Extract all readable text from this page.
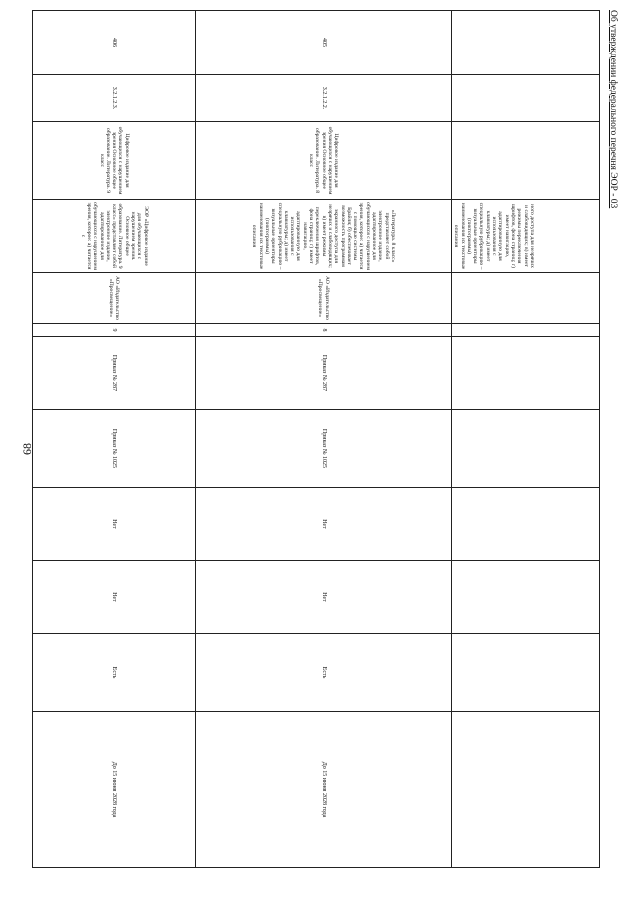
68
			ного доступа для незрячих и слабовидящих; в) имеет режимы переключения шрифтов, фона страниц; г) имеет навигацию, адаптированную для использования с клавиатуры; д) имеет специальную рубрикацию – визуальные ориентиры (пиктограммы) наименования их текстовые описания								
405	3.2.1.2.2.	Цифровое издание для обучающихся с нарушением зрения Основное общее образование. Литература. 8 класс	«Литература. 8 класс» представляет собой электронное издание, адаптированное для обучающихся с нарушением зрения, которое: а) читается с помощью системы Брайля; б) обеспечивает возможность программам экранного доступа для незрячих и слабовидящих; в) имеет режимы переключения шрифтов, фона страниц; г) имеет навигацию, адаптированную для использования с клавиатуры; д) имеет специальную рубрикацию – визуальные ориентиры (пиктограммы) наименования их текстовые описания	АО «Издательство «Просвещение»	8	Приказ № 287	Приказ № 1025	Нет	Нет	Есть	До 15 июня 2028 года
406	3.2.1.2.3.	Цифровое издание для обучающихся с нарушением зрения Основное общее образование. Литература. 9 класс	ЭОР «Цифровое издание для обучающихся с нарушением зрения. Основное общее образование. Литература. 9 класс» представляет собой электронное издание, адаптированное для обучающихся с нарушением зрения, которое: а) читается с	АО «Издательство «Просвещение»	9	Приказ № 287	Приказ № 1025	Нет	Нет	Есть	До 15 июня 2028 года
Об утверждении федерального перечня ЭОР - 03
